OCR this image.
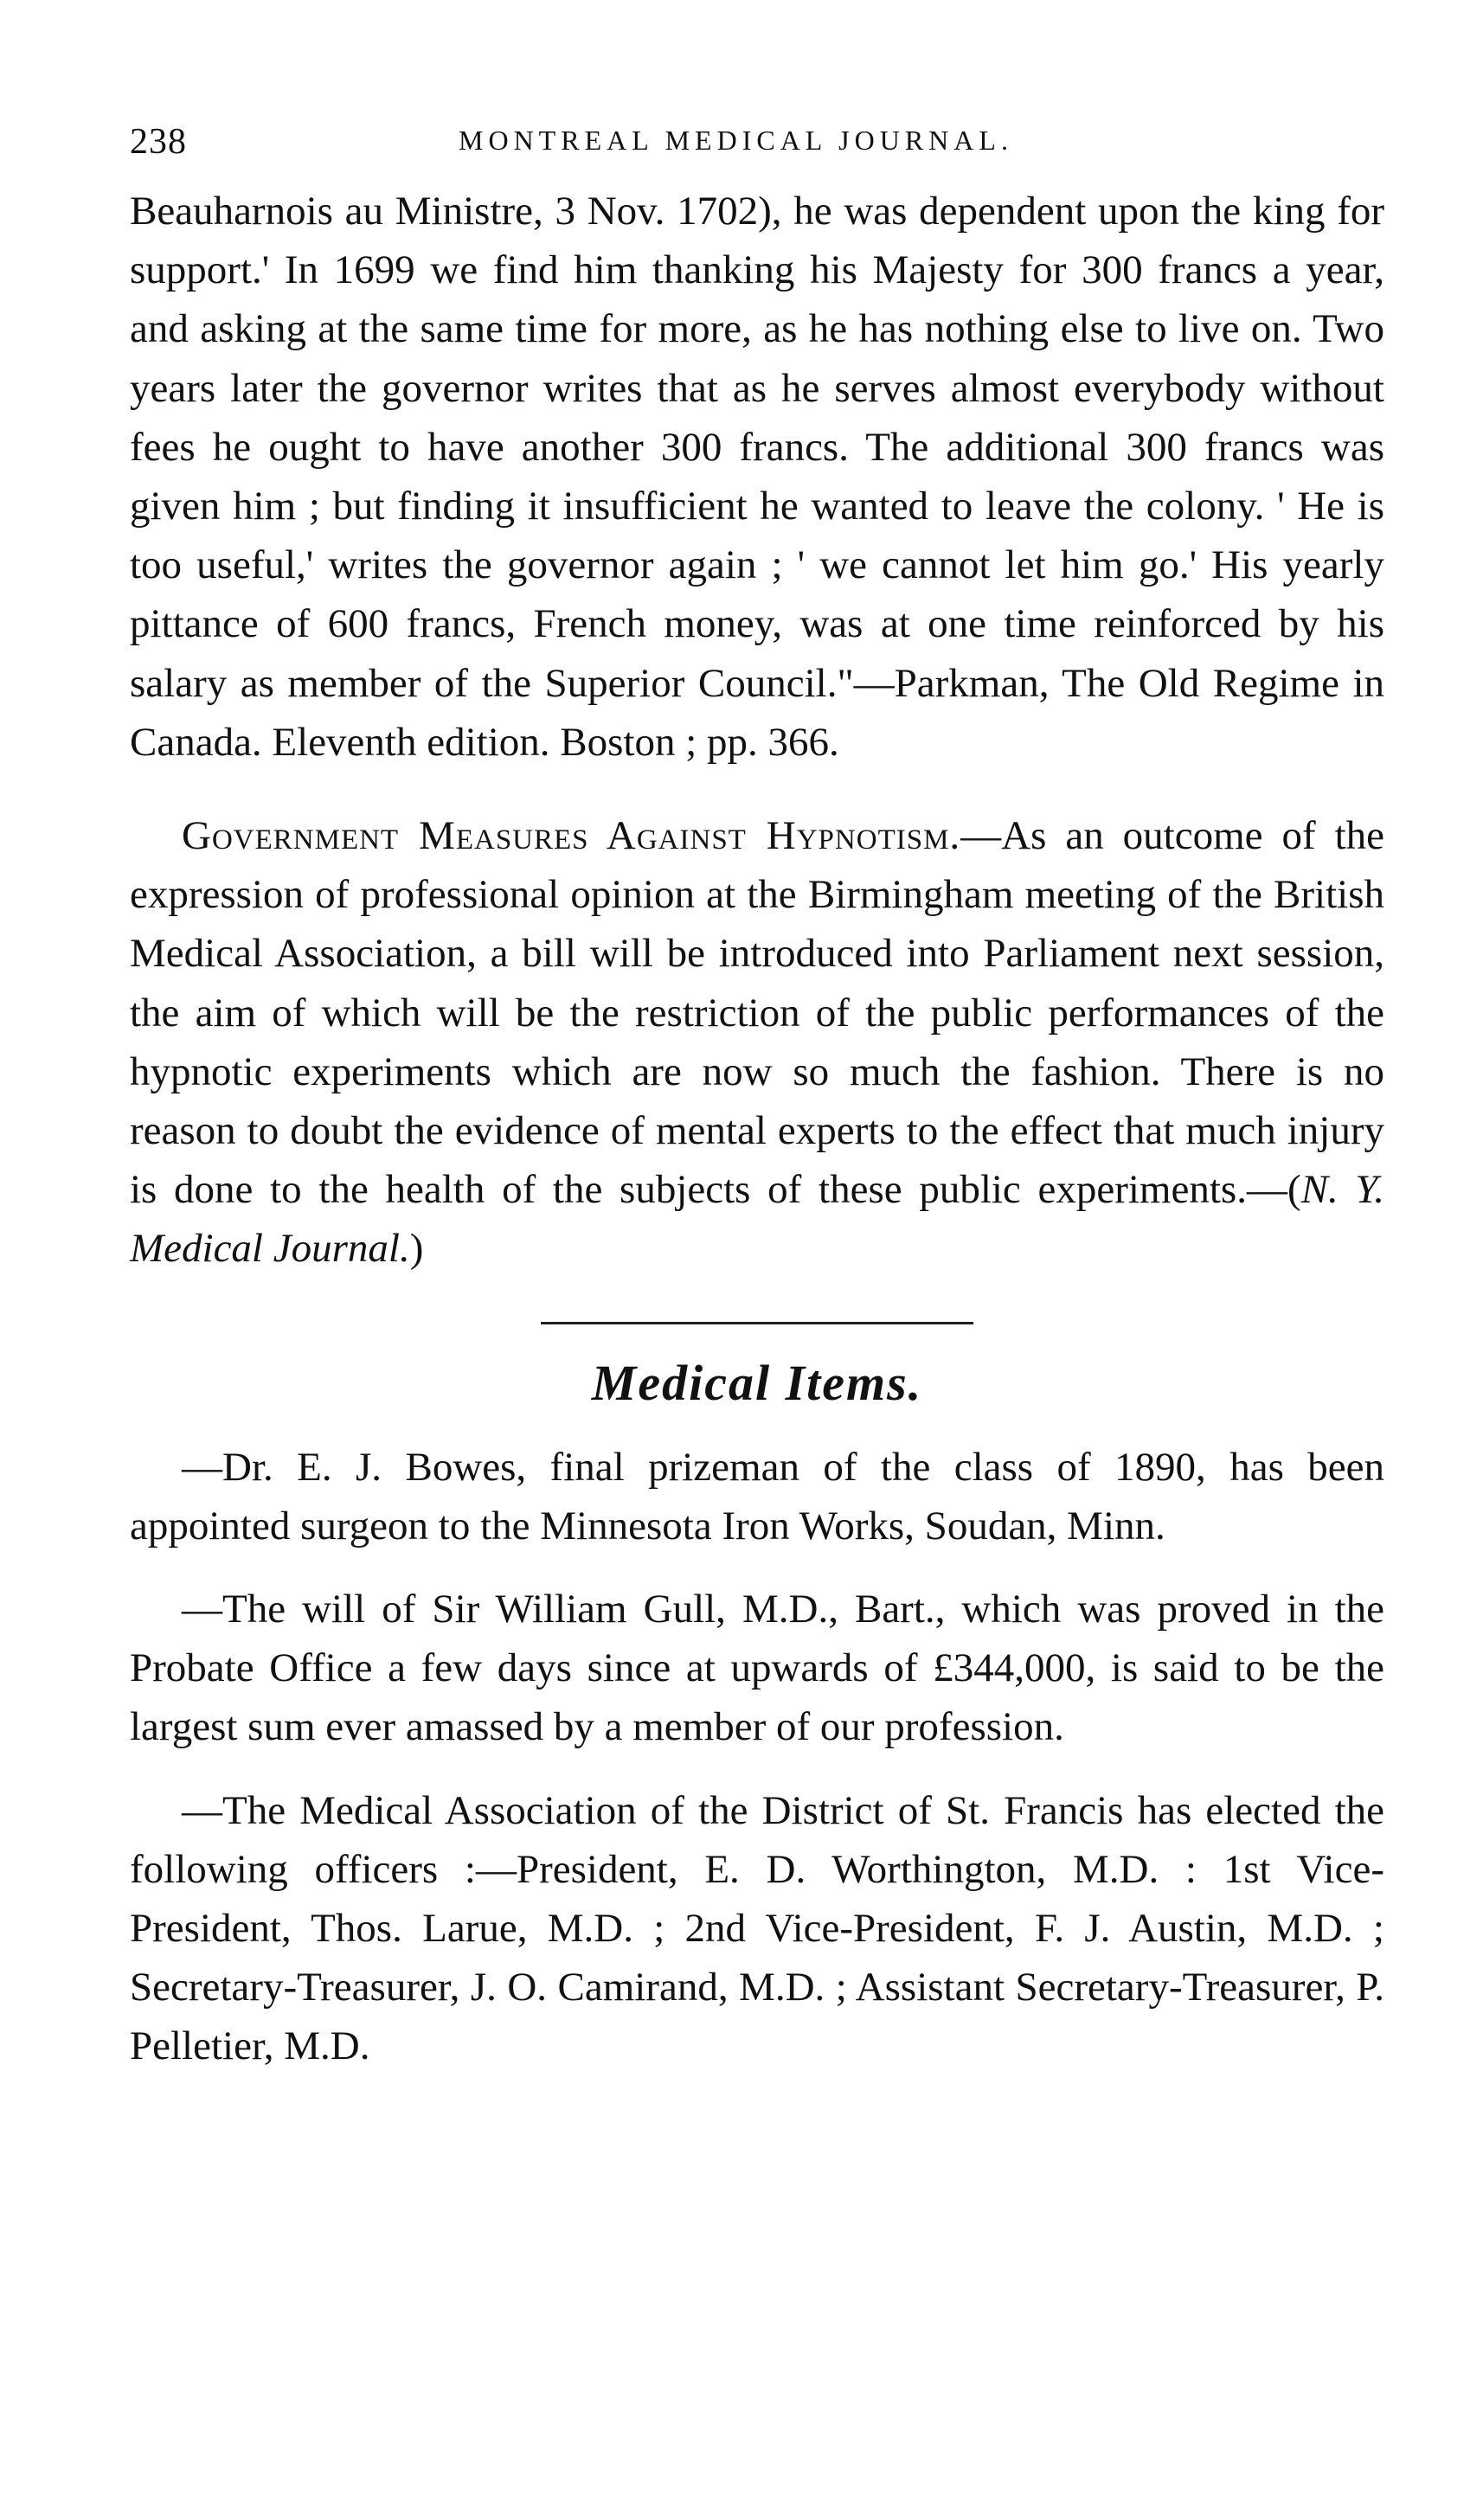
238	MONTREAL MEDICAL JOURNAL.

Beauharnois au Ministre, 3 Nov. 1702), he was dependent upon the king for support.' In 1699 we find him thanking his Majesty for 300 francs a year, and asking at the same time for more, as he has nothing else to live on. Two years later the governor writes that as he serves almost everybody without fees he ought to have another 300 francs. The additional 300 francs was given him ; but finding it insufficient he wanted to leave the colony. ' He is too useful,' writes the governor again ; ' we cannot let him go.' His yearly pittance of 600 francs, French money, was at one time reinforced by his salary as member of the Superior Council."—Parkman, The Old Regime in Canada. Eleventh edition. Boston ; pp. 366.

Government Measures Against Hypnotism.—As an outcome of the expression of professional opinion at the Birmingham meeting of the British Medical Association, a bill will be introduced into Parliament next session, the aim of which will be the restriction of the public performances of the hypnotic experiments which are now so much the fashion. There is no reason to doubt the evidence of mental experts to the effect that much injury is done to the health of the subjects of these public experiments.—(N. Y. Medical Journal.)

Medical Items.

—Dr. E. J. Bowes, final prizeman of the class of 1890, has been appointed surgeon to the Minnesota Iron Works, Soudan, Minn.

—The will of Sir William Gull, M.D., Bart., which was proved in the Probate Office a few days since at upwards of £344,000, is said to be the largest sum ever amassed by a member of our profession.

—The Medical Association of the District of St. Francis has elected the following officers :—President, E. D. Worthington, M.D. : 1st Vice-President, Thos. Larue, M.D. ; 2nd Vice-President, F. J. Austin, M.D. ; Secretary-Treasurer, J. O. Camirand, M.D. ; Assistant Secretary-Treasurer, P. Pelletier, M.D.
